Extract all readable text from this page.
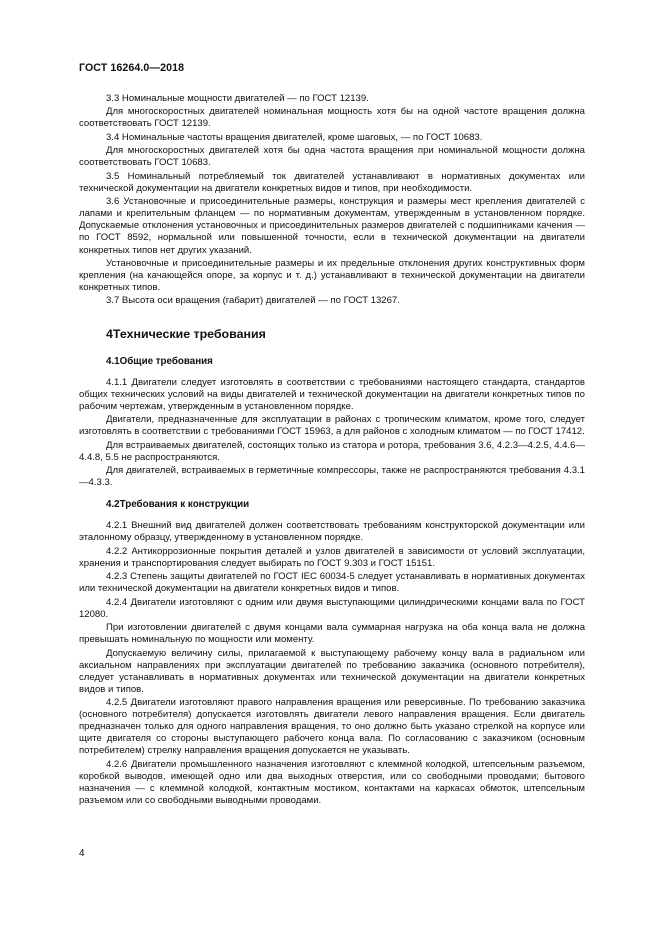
ГОСТ 16264.0—2018

3.3 Номинальные мощности двигателей — по ГОСТ 12139.

Для многоскоростных двигателей номинальная мощность хотя бы на одной частоте вращения должна соответствовать ГОСТ 12139.

3.4 Номинальные частоты вращения двигателей, кроме шаговых, — по ГОСТ 10683.

Для многоскоростных двигателей хотя бы одна частота вращения при номинальной мощности должна соответствовать ГОСТ 10683.

3.5 Номинальный потребляемый ток двигателей устанавливают в нормативных документах или технической документации на двигатели конкретных видов и типов, при необходимости.

3.6 Установочные и присоединительные размеры, конструкция и размеры мест крепления двигателей с лапами и крепительным фланцем — по нормативным документам, утвержденным в установленном порядке. Допускаемые отклонения установочных и присоединительных размеров двигателей с подшипниками качения — по ГОСТ 8592, нормальной или повышенной точности, если в технической документации на двигатели конкретных типов нет других указаний.

Установочные и присоединительные размеры и их предельные отклонения других конструктивных форм крепления (на качающейся опоре, за корпус и т. д.) устанавливают в технической документации на двигатели конкретных типов.

3.7 Высота оси вращения (габарит) двигателей — по ГОСТ 13267.

4Технические требования
4.1Общие требования

4.1.1 Двигатели следует изготовлять в соответствии с требованиями настоящего стандарта, стандартов общих технических условий на виды двигателей и технической документации на двигатели конкретных типов по рабочим чертежам, утвержденным в установленном порядке.

Двигатели, предназначенные для эксплуатации в районах с тропическим климатом, кроме того, следует изготовлять в соответствии с требованиями ГОСТ 15963, а для районов с холодным климатом — по ГОСТ 17412.

Для встраиваемых двигателей, состоящих только из статора и ротора, требования 3.6, 4.2.3—4.2.5, 4.4.6—4.4.8, 5.5 не распространяются.

Для двигателей, встраиваемых в герметичные компрессоры, также не распространяются требования 4.3.1—4.3.3.

4.2Требования к конструкции

4.2.1 Внешний вид двигателей должен соответствовать требованиям конструкторской документации или эталонному образцу, утвержденному в установленном порядке.

4.2.2 Антикоррозионные покрытия деталей и узлов двигателей в зависимости от условий эксплуатации, хранения и транспортирования следует выбирать по ГОСТ 9.303 и ГОСТ 15151.

4.2.3 Степень защиты двигателей по ГОСТ IEC 60034-5 следует устанавливать в нормативных документах или технической документации на двигатели конкретных видов и типов.

4.2.4 Двигатели изготовляют с одним или двумя выступающими цилиндрическими концами вала по ГОСТ 12080.

При изготовлении двигателей с двумя концами вала суммарная нагрузка на оба конца вала не должна превышать номинальную по мощности или моменту.

Допускаемую величину силы, прилагаемой к выступающему рабочему концу вала в радиальном или аксиальном направлениях при эксплуатации двигателей по требованию заказчика (основного потребителя), следует устанавливать в нормативных документах или технической документации на двигатели конкретных видов и типов.

4.2.5 Двигатели изготовляют правого направления вращения или реверсивные. По требованию заказчика (основного потребителя) допускается изготовлять двигатели левого направления вращения. Если двигатель предназначен только для одного направления вращения, то оно должно быть указано стрелкой на корпусе или щите двигателя со стороны выступающего рабочего конца вала. По согласованию с заказчиком (основным потребителем) стрелку направления вращения допускается не указывать.

4.2.6 Двигатели промышленного назначения изготовляют с клеммной колодкой, штепсельным разъемом, коробкой выводов, имеющей одно или два выходных отверстия, или со свободными проводами; бытового назначения — с клеммной колодкой, контактным мостиком, контактами на каркасах обмоток, штепсельным разъемом или со свободными выводными проводами.

4
